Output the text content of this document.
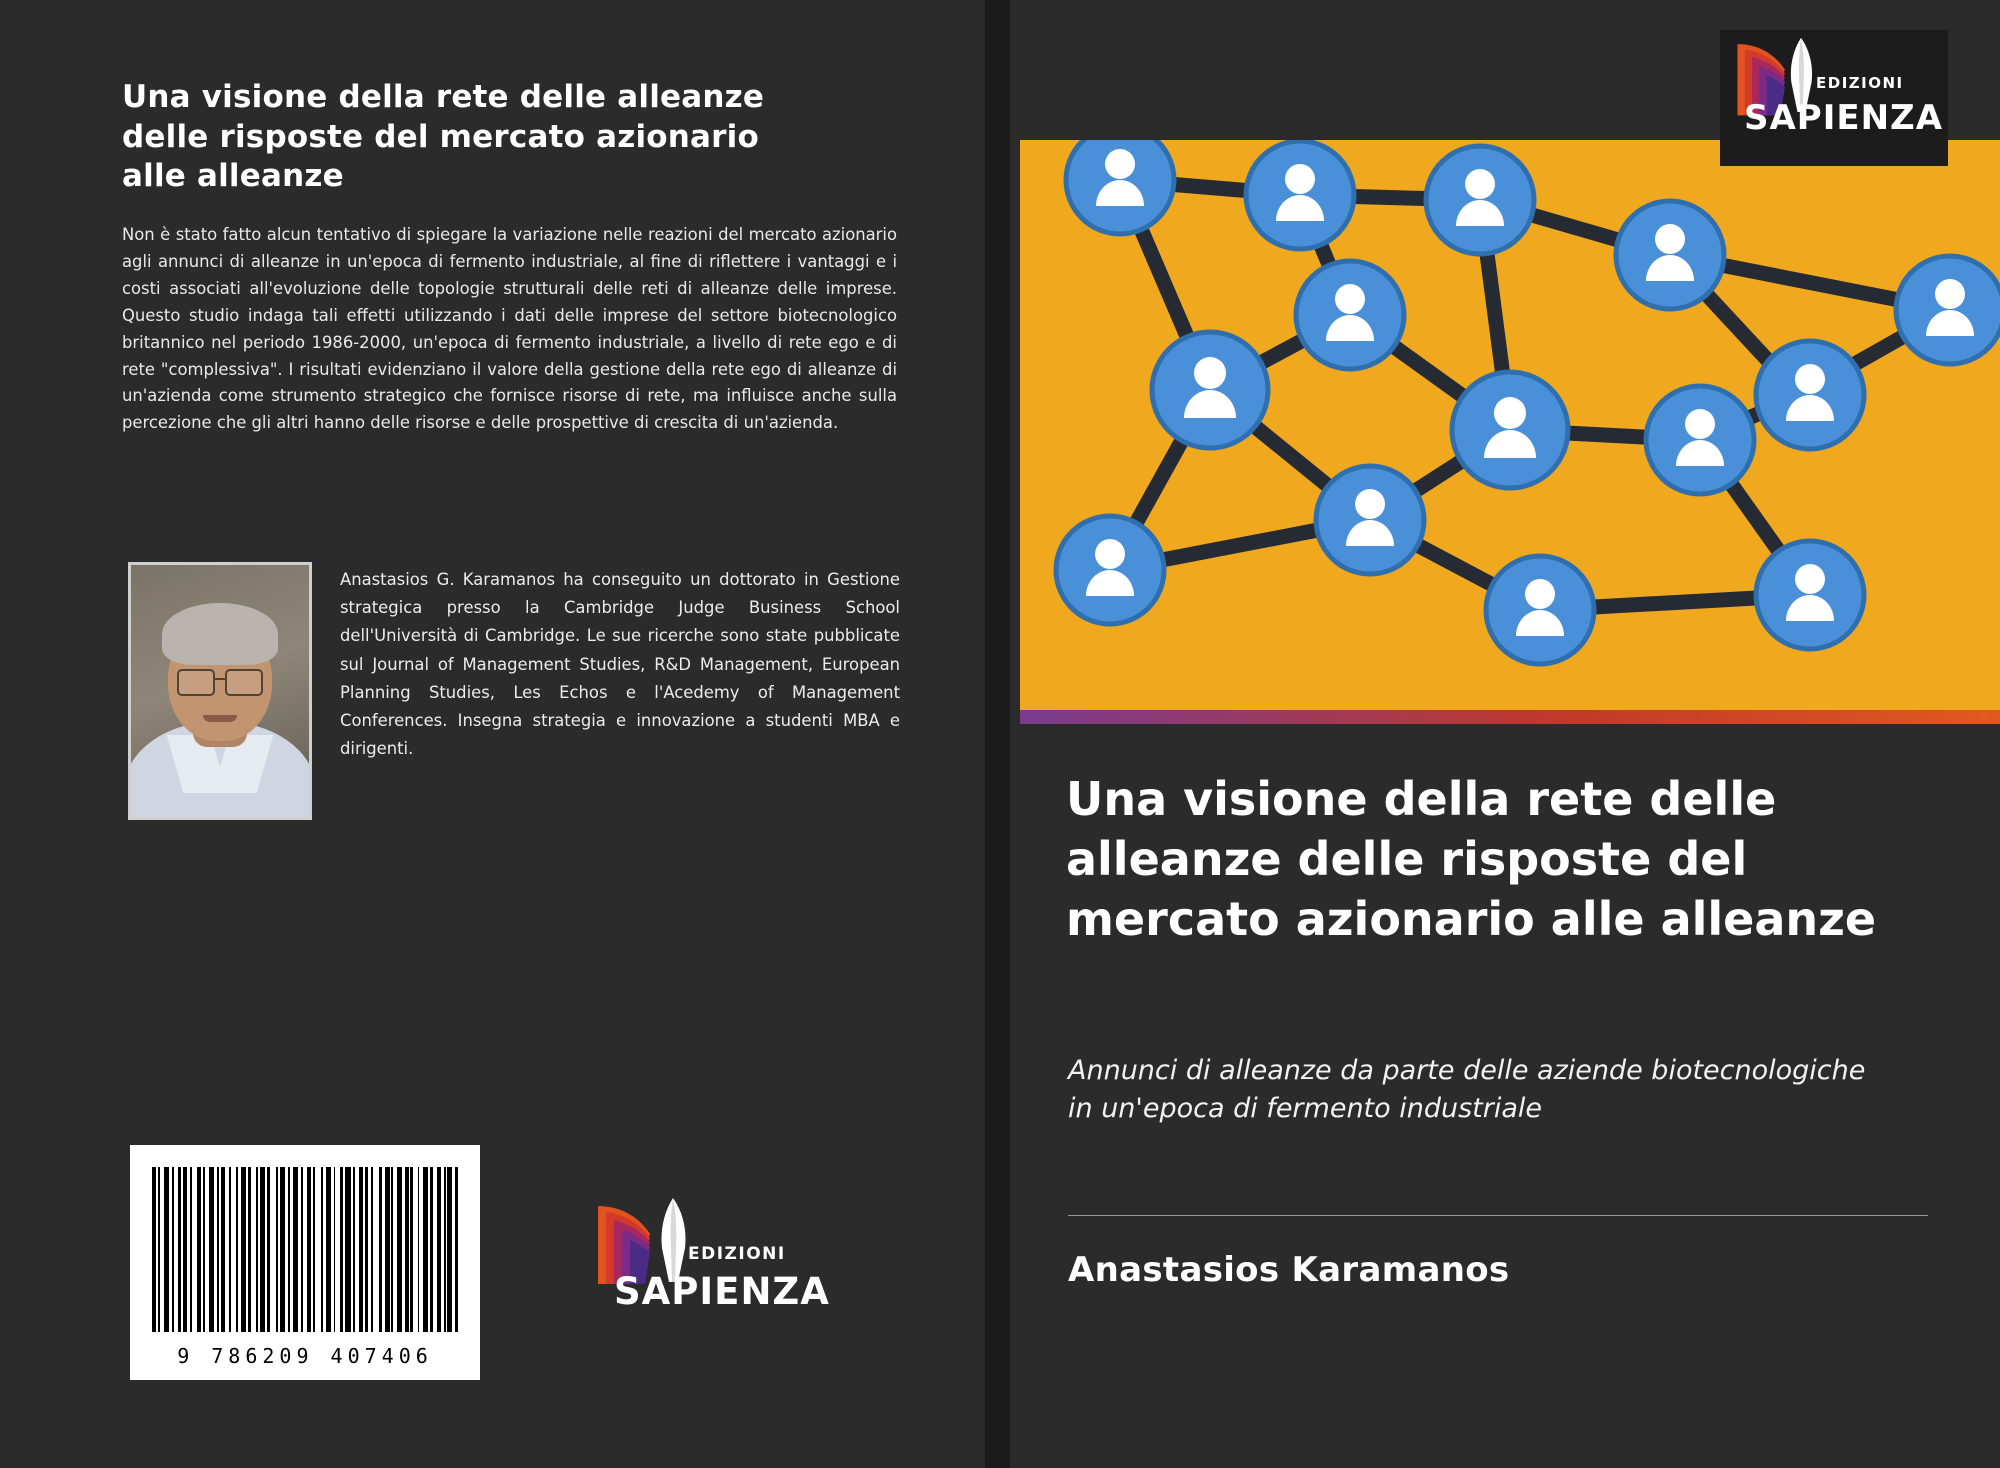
Una visione della rete delle alleanze delle risposte del mercato azionario alle alleanze
Non è stato fatto alcun tentativo di spiegare la variazione nelle reazioni del mercato azionario agli annunci di alleanze in un'epoca di fermento industriale, al fine di riflettere i vantaggi e i costi associati all'evoluzione delle topologie strutturali delle reti di alleanze delle imprese. Questo studio indaga tali effetti utilizzando i dati delle imprese del settore biotecnologico britannico nel periodo 1986-2000, un'epoca di fermento industriale, a livello di rete ego e di rete "complessiva". I risultati evidenziano il valore della gestione della rete ego di alleanze di un'azienda come strumento strategico che fornisce risorse di rete, ma influisce anche sulla percezione che gli altri hanno delle risorse e delle prospettive di crescita di un'azienda.
Anastasios G. Karamanos ha conseguito un dottorato in Gestione strategica presso la Cambridge Judge Business School dell'Università di Cambridge. Le sue ricerche sono state pubblicate sul Journal of Management Studies, R&D Management, European Planning Studies, Les Echos e l'Acedemy of Management Conferences. Insegna strategia e innovazione a studenti MBA e dirigenti.
9 786209 407406
EDIZIONI
SAPIENZA
EDIZIONI
SAPIENZA
Una visione della rete delle alleanze delle risposte del mercato azionario alle alleanze
Annunci di alleanze da parte delle aziende biotecnologiche in un'epoca di fermento industriale
Anastasios Karamanos
